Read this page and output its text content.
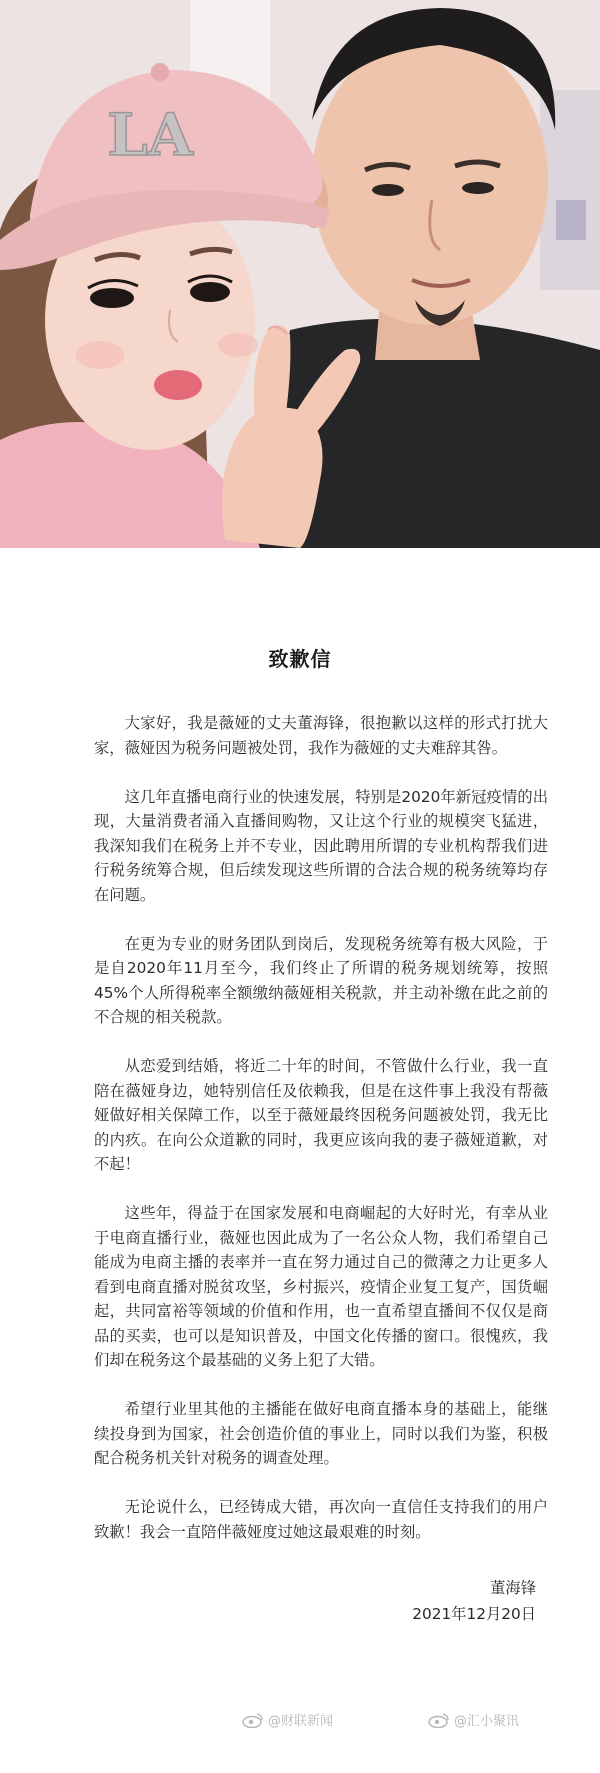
LA
致歉信

大家好，我是薇娅的丈夫董海锋，很抱歉以这样的形式打扰大家，薇娅因为税务问题被处罚，我作为薇娅的丈夫难辞其咎。

这几年直播电商行业的快速发展，特别是2020年新冠疫情的出现，大量消费者涌入直播间购物，又让这个行业的规模突飞猛进，我深知我们在税务上并不专业，因此聘用所谓的专业机构帮我们进行税务统筹合规，但后续发现这些所谓的合法合规的税务统筹均存在问题。

在更为专业的财务团队到岗后，发现税务统筹有极大风险，于是自2020年11月至今，我们终止了所谓的税务规划统筹，按照45%个人所得税率全额缴纳薇娅相关税款，并主动补缴在此之前的不合规的相关税款。

从恋爱到结婚，将近二十年的时间，不管做什么行业，我一直陪在薇娅身边，她特别信任及依赖我，但是在这件事上我没有帮薇娅做好相关保障工作，以至于薇娅最终因税务问题被处罚，我无比的内疚。在向公众道歉的同时，我更应该向我的妻子薇娅道歉，对不起！

这些年，得益于在国家发展和电商崛起的大好时光，有幸从业于电商直播行业，薇娅也因此成为了一名公众人物，我们希望自己能成为电商主播的表率并一直在努力通过自己的微薄之力让更多人看到电商直播对脱贫攻坚，乡村振兴，疫情企业复工复产，国货崛起，共同富裕等领域的价值和作用，也一直希望直播间不仅仅是商品的买卖，也可以是知识普及，中国文化传播的窗口。很愧疚，我们却在税务这个最基础的义务上犯了大错。

希望行业里其他的主播能在做好电商直播本身的基础上，能继续投身到为国家，社会创造价值的事业上，同时以我们为鉴，积极配合税务机关针对税务的调查处理。

无论说什么，已经铸成大错，再次向一直信任支持我们的用户致歉！我会一直陪伴薇娅度过她这最艰难的时刻。

董海锋
2021年12月20日
@财联新闻	@汇小聚讯
